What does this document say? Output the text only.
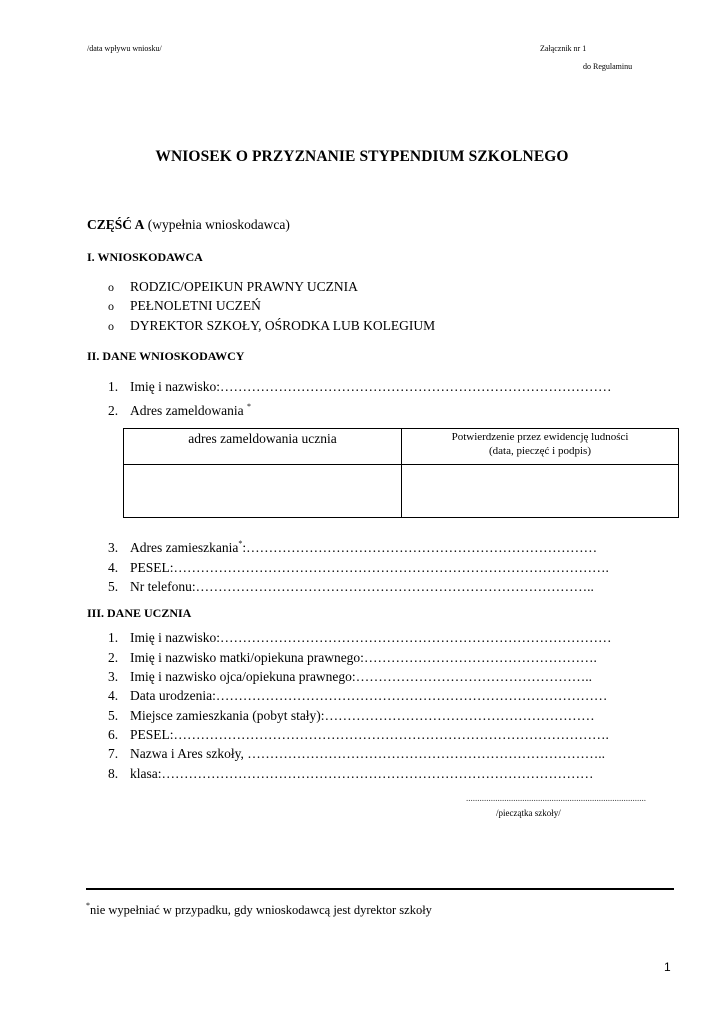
/data wpływu wniosku/	Załącznik nr 1
do Regulaminu
WNIOSEK O PRZYZNANIE STYPENDIUM SZKOLNEGO
CZĘŚĆ A (wypełnia wnioskodawca)
I. WNIOSKODAWCA
o RODZIC/OPEIKUN PRAWNY UCZNIA
o PEŁNOLETNI UCZEŃ
o DYREKTOR SZKOŁY, OŚRODKA LUB KOLEGIUM
II. DANE WNIOSKODAWCY
1. Imię i nazwisko:……………………………………………………………………………
2. Adres zameldowania *
adres zameldowania ucznia	Potwierdzenie przez ewidencję ludności
(data, pieczęć i podpis)

3. Adres zamieszkania*:……………………………………………………………………
4. PESEL:…………………………………………………………………………………….
5. Nr telefonu:……………………………………………………………………………..
III. DANE UCZNIA
1. Imię i nazwisko:……………………………………………………………………………
2. Imię i nazwisko matki/opiekuna prawnego:…………………………………………….
3. Imię i nazwisko ojca/opiekuna prawnego:……………………………………………..
4. Data urodzenia:……………………………………………………………………………
5. Miejsce zamieszkania (pobyt stały):……………………………………………………
6. PESEL:…………………………………………………………………………………….
7. Nazwa i Ares szkoły, ……………………………………………………………………..
8. klasa:……………………………………………………………………………………
................................................................................
/pieczątka szkoły/
*nie wypełniać w przypadku, gdy wnioskodawcą jest dyrektor szkoły
1
